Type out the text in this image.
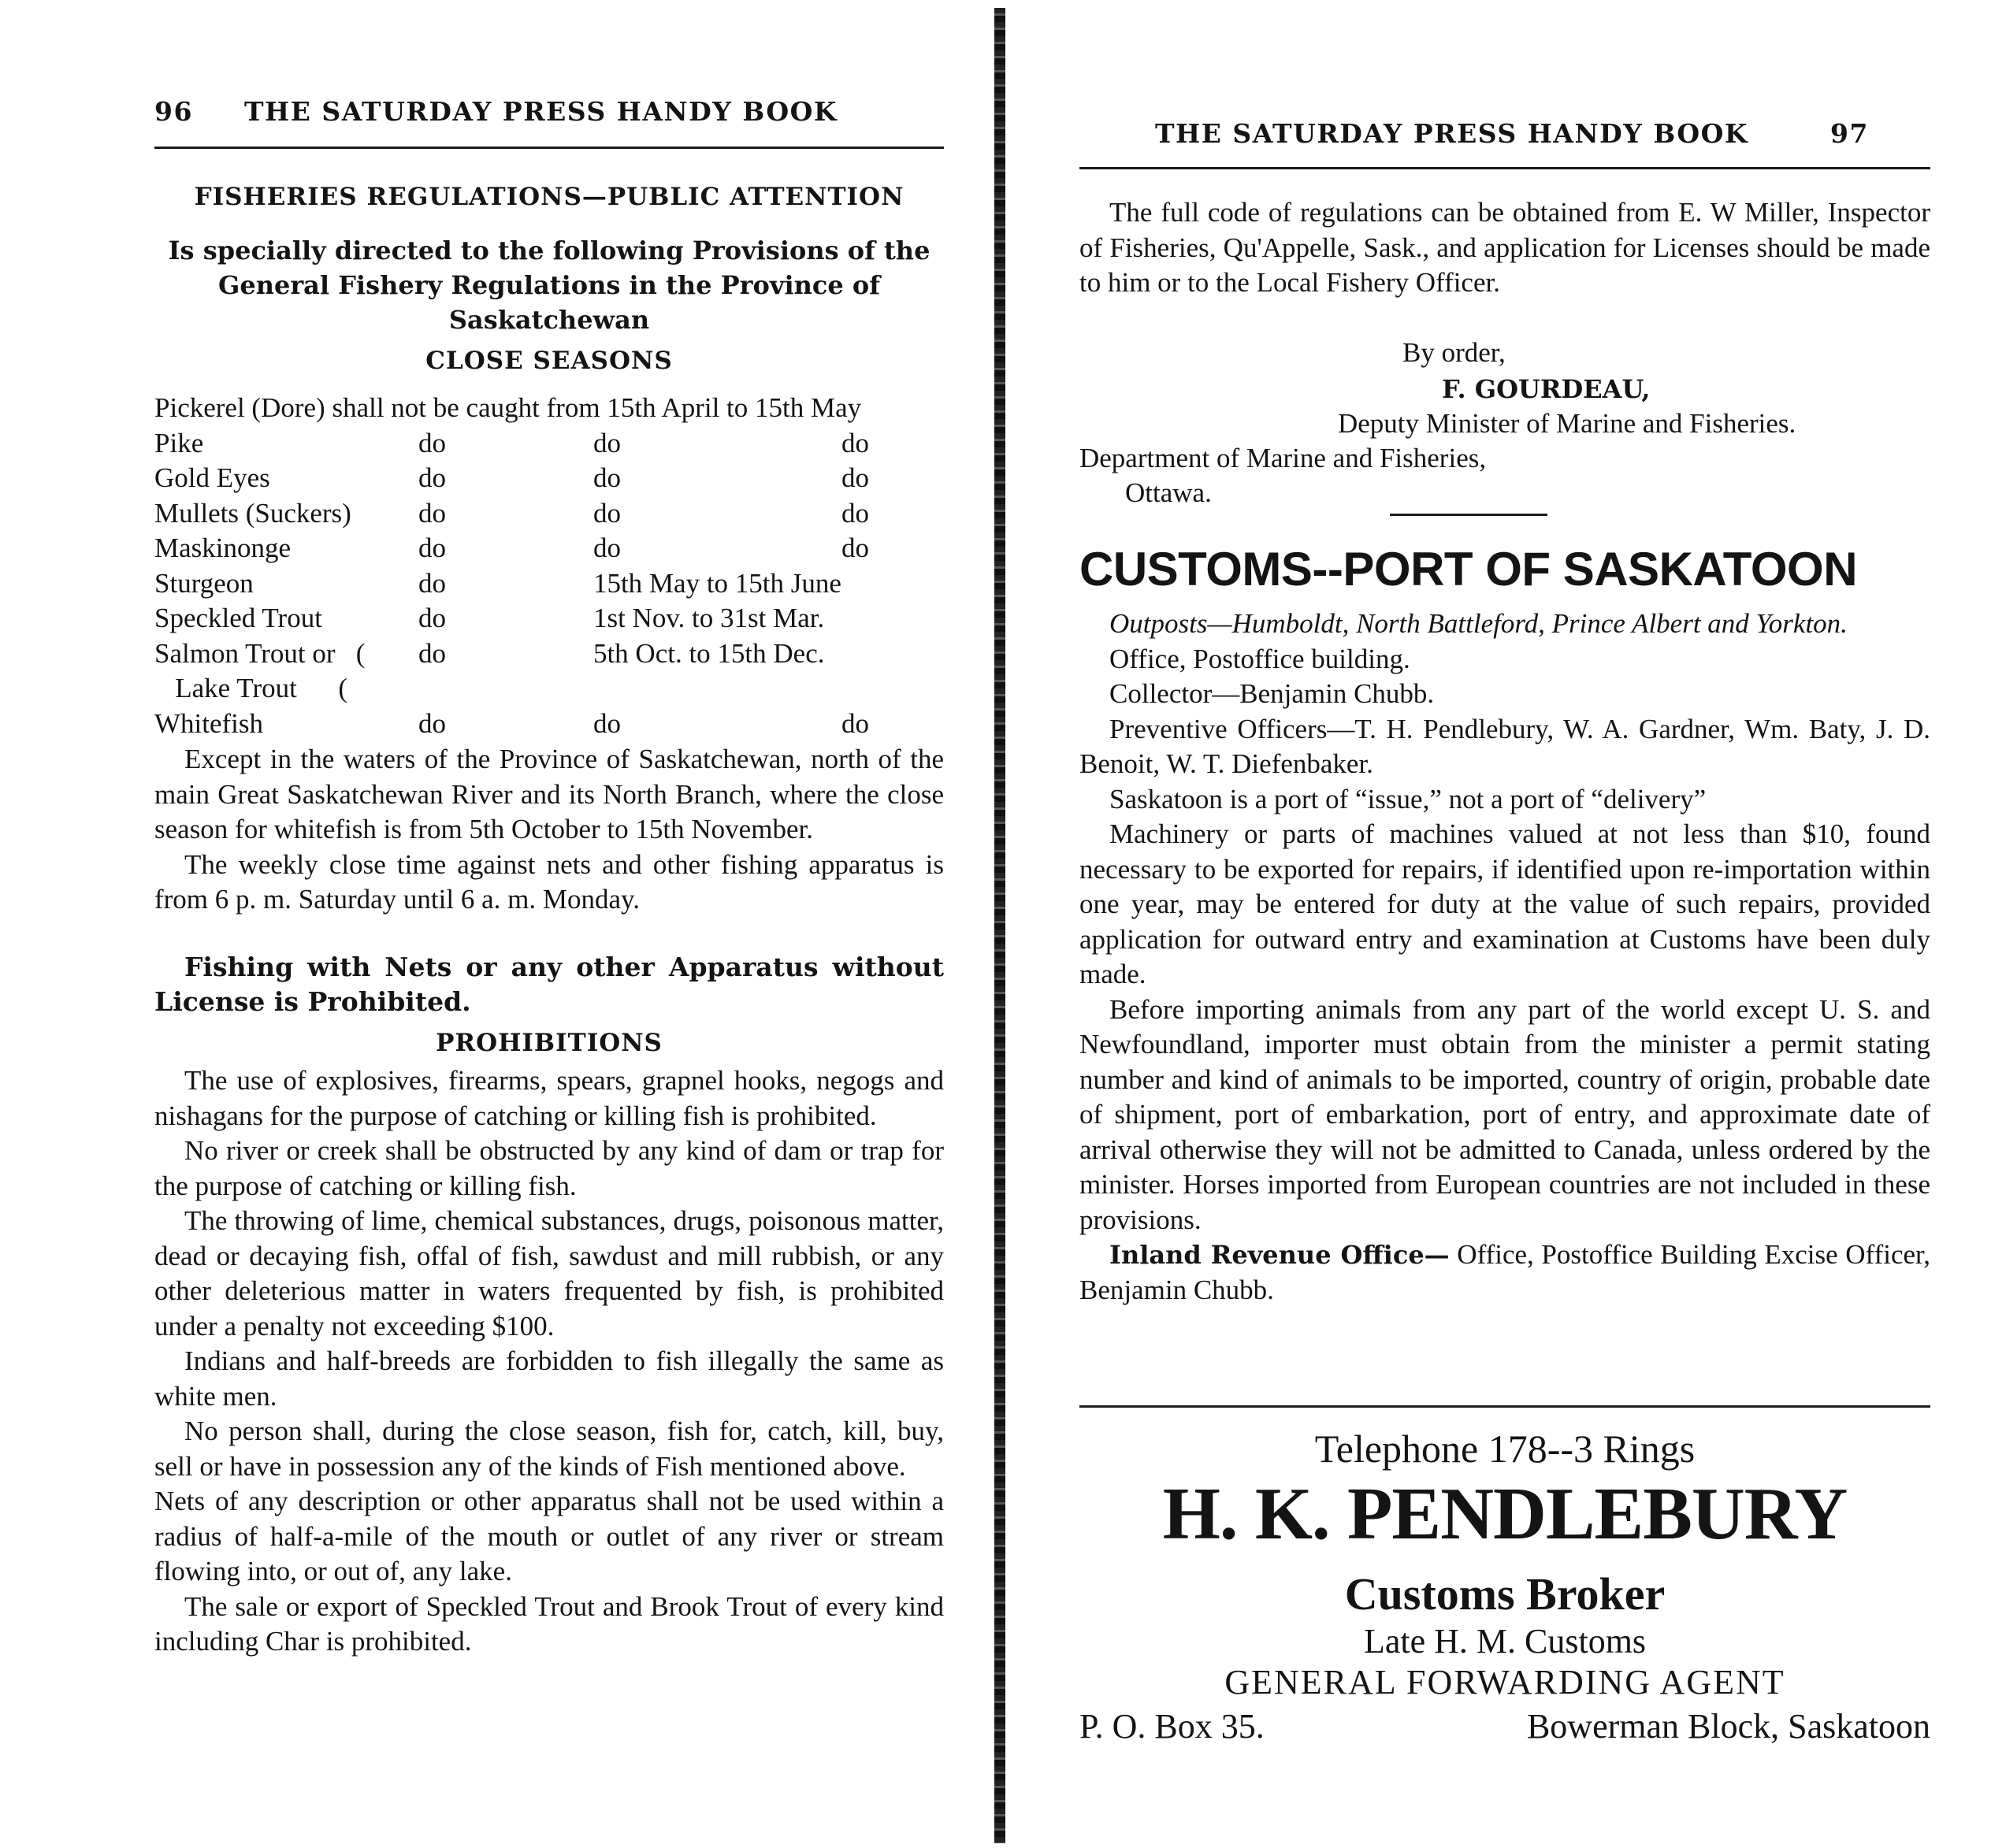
96 THE SATURDAY PRESS HANDY BOOK
FISHERIES REGULATIONS—PUBLIC ATTENTION
Is specially directed to the following Provisions of the General Fishery Regulations in the Province of Saskatchewan
CLOSE SEASONS
Pickerel (Dore) shall not be caught from 15th April to 15th May			
Pike	do	do	do
Gold Eyes	do	do	do
Mullets (Suckers)	do	do	do
Maskinonge	do	do	do
Sturgeon	do	15th May to 15th June	
Speckled Trout	do	1st Nov. to 31st Mar.	
Salmon Trout or   (	do	5th Oct. to 15th Dec.	
Lake Trout      (			
Whitefish	do	do	do

Except in the waters of the Province of Saskatchewan, north of the main Great Saskatchewan River and its North Branch, where the close season for whitefish is from 5th October to 15th November.

The weekly close time against nets and other fishing apparatus is from 6 p. m. Saturday until 6 a. m. Monday.

Fishing with Nets or any other Apparatus without License is Prohibited.
PROHIBITIONS

The use of explosives, firearms, spears, grapnel hooks, negogs and nishagans for the purpose of catching or killing fish is prohibited.

No river or creek shall be obstructed by any kind of dam or trap for the purpose of catching or killing fish.

The throwing of lime, chemical substances, drugs, poisonous matter, dead or decaying fish, offal of fish, sawdust and mill rubbish, or any other deleterious matter in waters frequented by fish, is prohibited under a penalty not exceeding $100.

Indians and half-breeds are forbidden to fish illegally the same as white men.

No person shall, during the close season, fish for, catch, kill, buy, sell or have in possession any of the kinds of Fish mentioned above.

Nets of any description or other apparatus shall not be used within a radius of half-a-mile of the mouth or outlet of any river or stream flowing into, or out of, any lake.

The sale or export of Speckled Trout and Brook Trout of every kind including Char is prohibited.

THE SATURDAY PRESS HANDY BOOK	97

The full code of regulations can be obtained from E. W Miller, Inspector of Fisheries, Qu'Appelle, Sask., and application for Licenses should be made to him or to the Local Fishery Officer.

By order,
F. GOURDEAU,
Deputy Minister of Marine and Fisheries.
Department of Marine and Fisheries,
Ottawa.
CUSTOMS--PORT OF SASKATOON

Outposts—Humboldt, North Battleford, Prince Albert and Yorkton.

Office, Postoffice building.

Collector—Benjamin Chubb.

Preventive Officers—T. H. Pendlebury, W. A. Gardner, Wm. Baty, J. D. Benoit, W. T. Diefenbaker.

Saskatoon is a port of “issue,” not a port of “delivery”

Machinery or parts of machines valued at not less than $10, found necessary to be exported for repairs, if identified upon re-importation within one year, may be entered for duty at the value of such repairs, provided application for outward entry and examination at Customs have been duly made.

Before importing animals from any part of the world except U. S. and Newfoundland, importer must obtain from the minister a permit stating number and kind of animals to be imported, country of origin, probable date of shipment, port of embarkation, port of entry, and approximate date of arrival otherwise they will not be admitted to Canada, unless ordered by the minister. Horses imported from European countries are not included in these provisions.

Inland Revenue Office— Office, Postoffice Building Excise Officer, Benjamin Chubb.

Telephone 178--3 Rings
H. K. PENDLEBURY
Customs Broker
Late H. M. Customs
GENERAL FORWARDING AGENT
P. O. Box 35.	Bowerman Block, Saskatoon
